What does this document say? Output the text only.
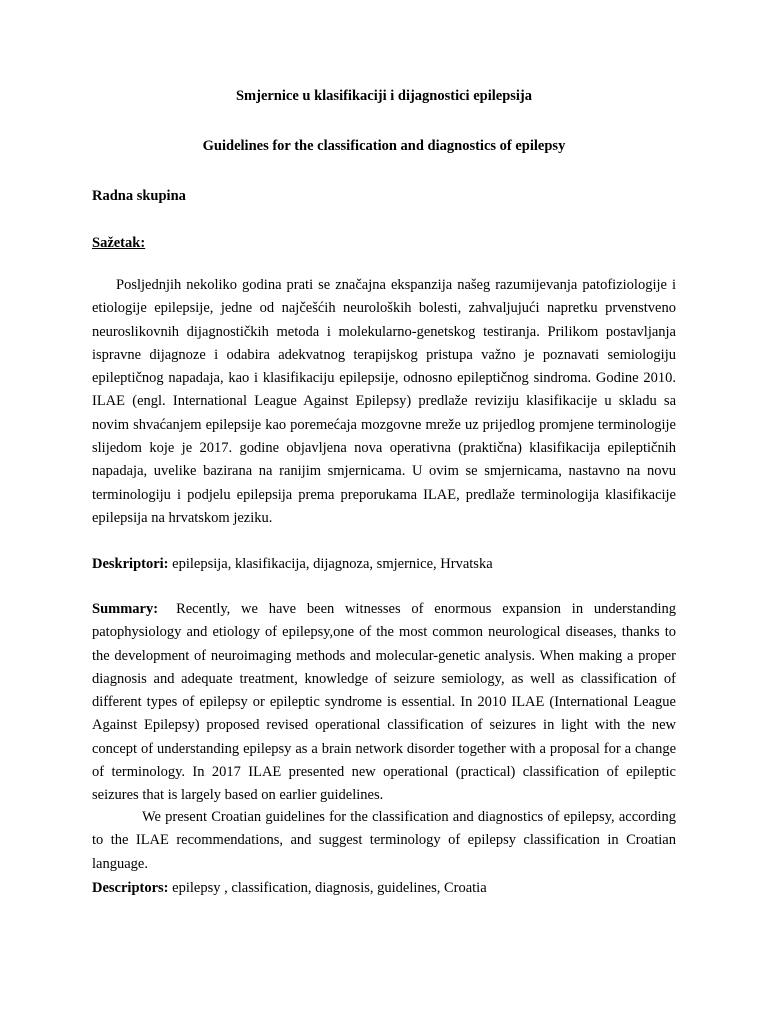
Smjernice u klasifikaciji i dijagnostici epilepsija
Guidelines for the classification and diagnostics of epilepsy
Radna skupina
Sažetak:
Posljednjih nekoliko godina prati se značajna ekspanzija našeg razumijevanja patofiziologije i etiologije epilepsije, jedne od najčešćih neuroloških bolesti, zahvaljujući napretku prvenstveno neuroslikovnih dijagnostičkih metoda i molekularno-genetskog testiranja. Prilikom postavljanja ispravne dijagnoze i odabira adekvatnog terapijskog pristupa važno je poznavati semiologiju epileptičnog napadaja, kao i klasifikaciju epilepsije, odnosno epileptičnog sindroma. Godine 2010. ILAE (engl. International League Against Epilepsy) predlaže reviziju klasifikacije u skladu sa novim shvaćanjem epilepsije kao poremećaja mozgovne mreže uz prijedlog promjene terminologije slijedom koje je 2017. godine objavljena nova operativna (praktična) klasifikacija epileptičnih napadaja, uvelike bazirana na ranijim smjernicama. U ovim se smjernicama, nastavno na novu terminologiju i podjelu epilepsija prema preporukama ILAE, predlaže terminologija klasifikacije epilepsija na hrvatskom jeziku.
Deskriptori: epilepsija, klasifikacija, dijagnoza, smjernice, Hrvatska
Summary: Recently, we have been witnesses of enormous expansion in understanding patophysiology and etiology of epilepsy,one of the most common neurological diseases, thanks to the development of neuroimaging methods and molecular-genetic analysis. When making a proper diagnosis and adequate treatment, knowledge of seizure semiology, as well as classification of different types of epilepsy or epileptic syndrome is essential. In 2010 ILAE (International League Against Epilepsy) proposed revised operational classification of seizures in light with the new concept of understanding epilepsy as a brain network disorder together with a proposal for a change of terminology. In 2017 ILAE presented new operational (practical) classification of epileptic seizures that is largely based on earlier guidelines.
We present Croatian guidelines for the classification and diagnostics of epilepsy, according to the ILAE recommendations, and suggest terminology of epilepsy classification in Croatian language.
Descriptors: epilepsy , classification, diagnosis, guidelines, Croatia
